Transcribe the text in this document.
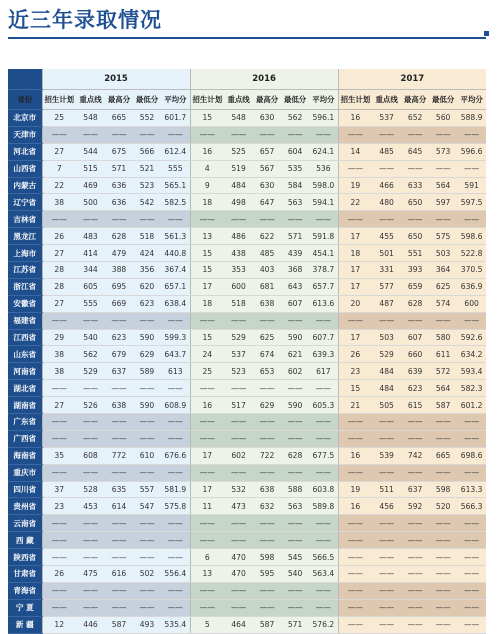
近三年录取情况
	2015					2016					2017				
省份	招生计划	重点线	最高分	最低分	平均分	招生计划	重点线	最高分	最低分	平均分	招生计划	重点线	最高分	最低分	平均分
北京市	25	548	665	552	601.7	15	548	630	562	596.1	16	537	652	560	588.9
天津市	——	——	——	——	——	——	——	——	——	——	——	——	——	——	——
河北省	27	544	675	566	612.4	16	525	657	604	624.1	14	485	645	573	596.6
山西省	7	515	571	521	555	4	519	567	535	536	——	——	——	——	——
内蒙古	22	469	636	523	565.1	9	484	630	584	598.0	19	466	633	564	591
辽宁省	38	500	636	542	582.5	18	498	647	563	594.1	22	480	650	597	597.5
吉林省	——	——	——	——	——	——	——	——	——	——	——	——	——	——	——
黑龙江	26	483	628	518	561.3	13	486	622	571	591.8	17	455	650	575	598.6
上海市	27	414	479	424	440.8	15	438	485	439	454.1	18	501	551	503	522.8
江苏省	28	344	388	356	367.4	15	353	403	368	378.7	17	331	393	364	370.5
浙江省	28	605	695	620	657.1	17	600	681	643	657.7	17	577	659	625	636.9
安徽省	27	555	669	623	638.4	18	518	638	607	613.6	20	487	628	574	600
福建省	——	——	——	——	——	——	——	——	——	——	——	——	——	——	——
江西省	29	540	623	590	599.3	15	529	625	590	607.7	17	503	607	580	592.6
山东省	38	562	679	629	643.7	24	537	674	621	639.3	26	529	660	611	634.2
河南省	38	529	637	589	613	25	523	653	602	617	23	484	639	572	593.4
湖北省	——	——	——	——	——	——	——	——	——	——	15	484	623	564	582.3
湖南省	27	526	638	590	608.9	16	517	629	590	605.3	21	505	615	587	601.2
广东省	——	——	——	——	——	——	——	——	——	——	——	——	——	——	——
广西省	——	——	——	——	——	——	——	——	——	——	——	——	——	——	——
海南省	35	608	772	610	676.6	17	602	722	628	677.5	16	539	742	665	698.6
重庆市	——	——	——	——	——	——	——	——	——	——	——	——	——	——	——
四川省	37	528	635	557	581.9	17	532	638	588	603.8	19	511	637	598	613.3
贵州省	23	453	614	547	575.8	11	473	632	563	589.8	16	456	592	520	566.3
云南省	——	——	——	——	——	——	——	——	——	——	——	——	——	——	——
西 藏	——	——	——	——	——	——	——	——	——	——	——	——	——	——	——
陕西省	——	——	——	——	——	6	470	598	545	566.5	——	——	——	——	——
甘肃省	26	475	616	502	556.4	13	470	595	540	563.4	——	——	——	——	——
青海省	——	——	——	——	——	——	——	——	——	——	——	——	——	——	——
宁 夏	——	——	——	——	——	——	——	——	——	——	——	——	——	——	——
新 疆	12	446	587	493	535.4	5	464	587	571	576.2	——	——	——	——	——
